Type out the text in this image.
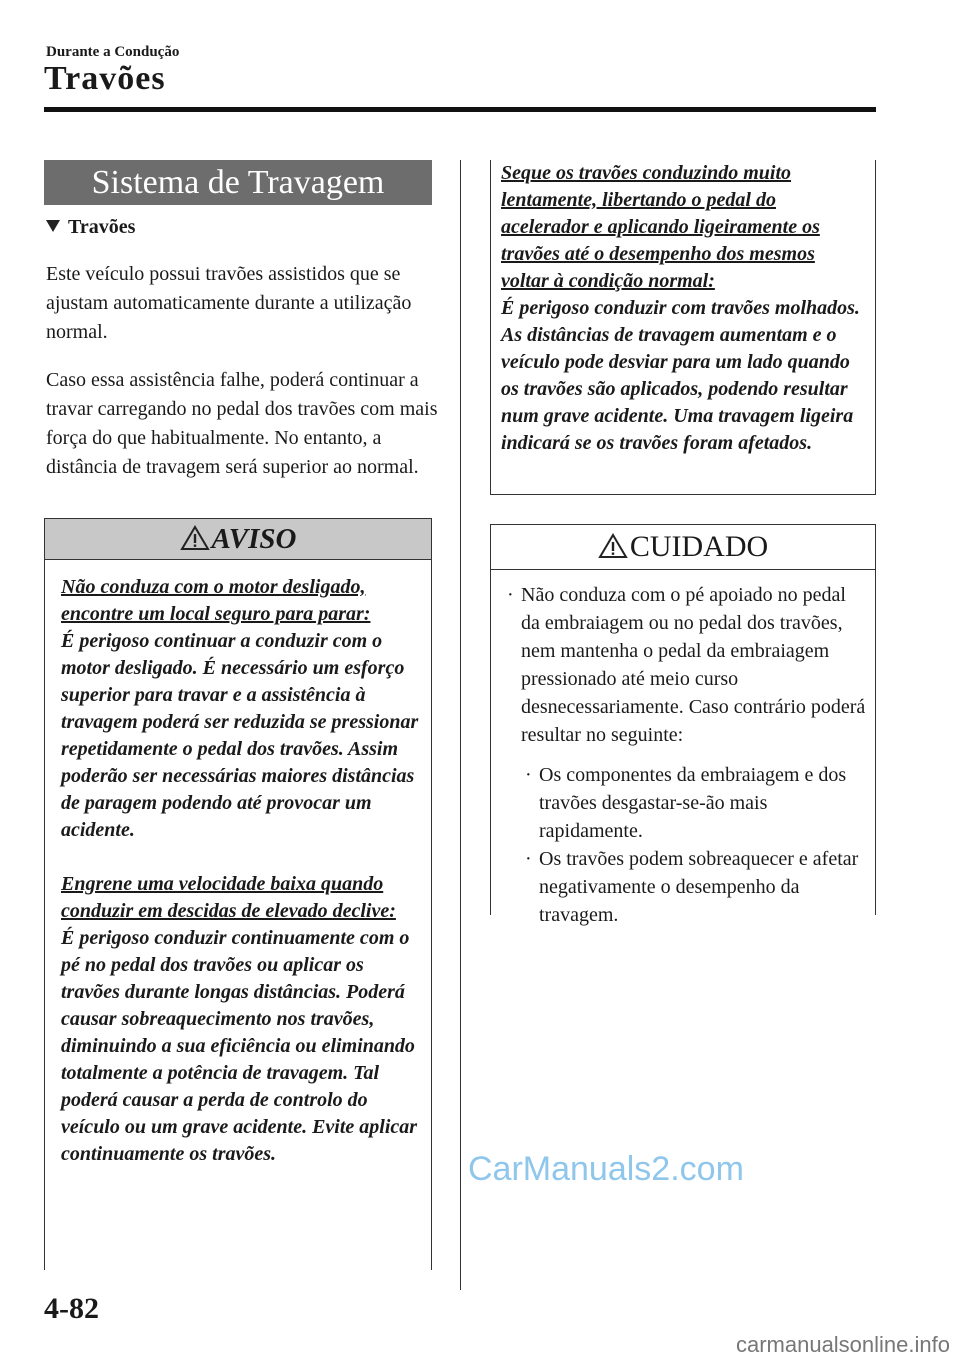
Durante a Condução
Travões
Sistema de Travagem
Travões
Este veículo possui travões assistidos que se ajustam automaticamente durante a utilização normal.
Caso essa assistência falhe, poderá continuar a travar carregando no pedal dos travões com mais força do que habitualmente. No entanto, a distância de travagem será superior ao normal.
AVISO
Não conduza com o motor desligado, encontre um local seguro para parar:
É perigoso continuar a conduzir com o motor desligado. É necessário um esforço superior para travar e a assistência à travagem poderá ser reduzida se pressionar repetidamente o pedal dos travões. Assim poderão ser necessárias maiores distâncias de paragem podendo até provocar um acidente.
Engrene uma velocidade baixa quando conduzir em descidas de elevado declive:
É perigoso conduzir continuamente com o pé no pedal dos travões ou aplicar os travões durante longas distâncias. Poderá causar sobreaquecimento nos travões, diminuindo a sua eficiência ou eliminando totalmente a potência de travagem. Tal poderá causar a perda de controlo do veículo ou um grave acidente. Evite aplicar continuamente os travões.
Seque os travões conduzindo muito lentamente, libertando o pedal do acelerador e aplicando ligeiramente os travões até o desempenho dos mesmos voltar à condição normal:
É perigoso conduzir com travões molhados. As distâncias de travagem aumentam e o veículo pode desviar para um lado quando os travões são aplicados, podendo resultar num grave acidente. Uma travagem ligeira indicará se os travões foram afetados.
CUIDADO
· Não conduza com o pé apoiado no pedal da embraiagem ou no pedal dos travões, nem mantenha o pedal da embraiagem pressionado até meio curso desnecessariamente. Caso contrário poderá resultar no seguinte:
· Os componentes da embraiagem e dos travões desgastar-se-ão mais rapidamente.
· Os travões podem sobreaquecer e afetar negativamente o desempenho da travagem.
CarManuals2.com
4-82
carmanualsonline.info
